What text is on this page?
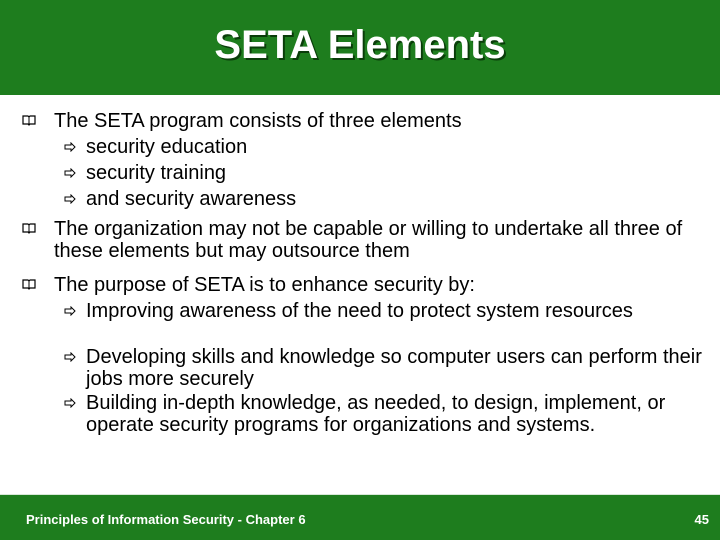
SETA Elements
The SETA program consists of three elements
security education
security training
and security awareness
The organization may not be capable or willing to undertake all three of these elements but may outsource them
The purpose of SETA is to enhance security by:
Improving awareness of the need to protect system resources
Developing skills and knowledge so computer users can perform their jobs more securely
Building in-depth knowledge, as needed, to design, implement, or operate security programs for organizations and systems.
Principles of Information Security - Chapter 6	45
